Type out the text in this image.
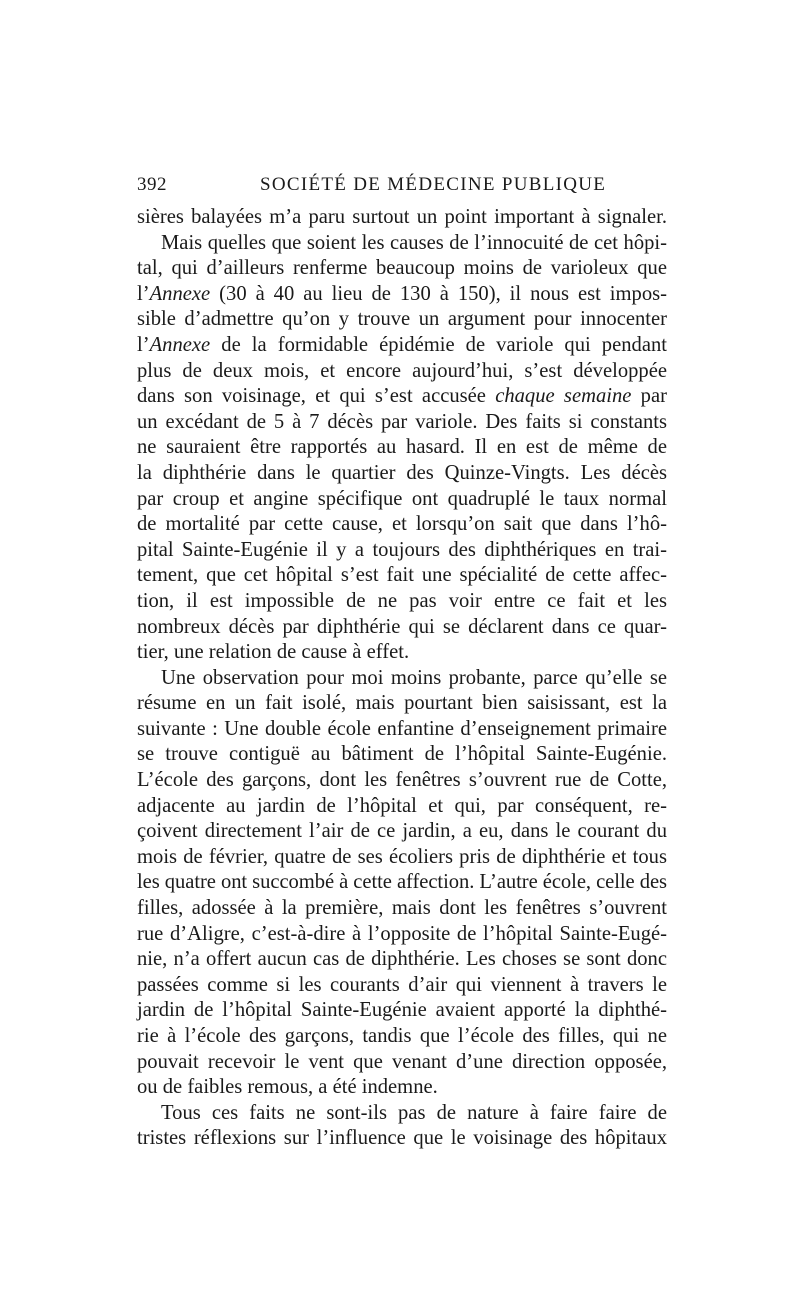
392	SOCIÉTÉ DE MÉDECINE PUBLIQUE

sières balayées m’a paru surtout un point important à signaler.

Mais quelles que soient les causes de l’innocuité de cet hôpi-
tal, qui d’ailleurs renferme beaucoup moins de varioleux que
l’Annexe (30 à 40 au lieu de 130 à 150), il nous est impos-
sible d’admettre qu’on y trouve un argument pour innocenter
l’Annexe de la formidable épidémie de variole qui pendant
plus de deux mois, et encore aujourd’hui, s’est développée
dans son voisinage, et qui s’est accusée chaque semaine par
un excédant de 5 à 7 décès par variole. Des faits si constants
ne sauraient être rapportés au hasard. Il en est de même de
la diphthérie dans le quartier des Quinze-Vingts. Les décès
par croup et angine spécifique ont quadruplé le taux normal
de mortalité par cette cause, et lorsqu’on sait que dans l’hô-
pital Sainte-Eugénie il y a toujours des diphthériques en trai-
tement, que cet hôpital s’est fait une spécialité de cette affec-
tion, il est impossible de ne pas voir entre ce fait et les
nombreux décès par diphthérie qui se déclarent dans ce quar-
tier, une relation de cause à effet.

Une observation pour moi moins probante, parce qu’elle se
résume en un fait isolé, mais pourtant bien saisissant, est la
suivante : Une double école enfantine d’enseignement primaire
se trouve contiguë au bâtiment de l’hôpital Sainte-Eugénie.
L’école des garçons, dont les fenêtres s’ouvrent rue de Cotte,
adjacente au jardin de l’hôpital et qui, par conséquent, re-
çoivent directement l’air de ce jardin, a eu, dans le courant du
mois de février, quatre de ses écoliers pris de diphthérie et tous
les quatre ont succombé à cette affection. L’autre école, celle des
filles, adossée à la première, mais dont les fenêtres s’ouvrent
rue d’Aligre, c’est-à-dire à l’opposite de l’hôpital Sainte-Eugé-
nie, n’a offert aucun cas de diphthérie. Les choses se sont donc
passées comme si les courants d’air qui viennent à travers le
jardin de l’hôpital Sainte-Eugénie avaient apporté la diphthé-
rie à l’école des garçons, tandis que l’école des filles, qui ne
pouvait recevoir le vent que venant d’une direction opposée,
ou de faibles remous, a été indemne.

Tous ces faits ne sont-ils pas de nature à faire faire de
tristes réflexions sur l’influence que le voisinage des hôpitaux
